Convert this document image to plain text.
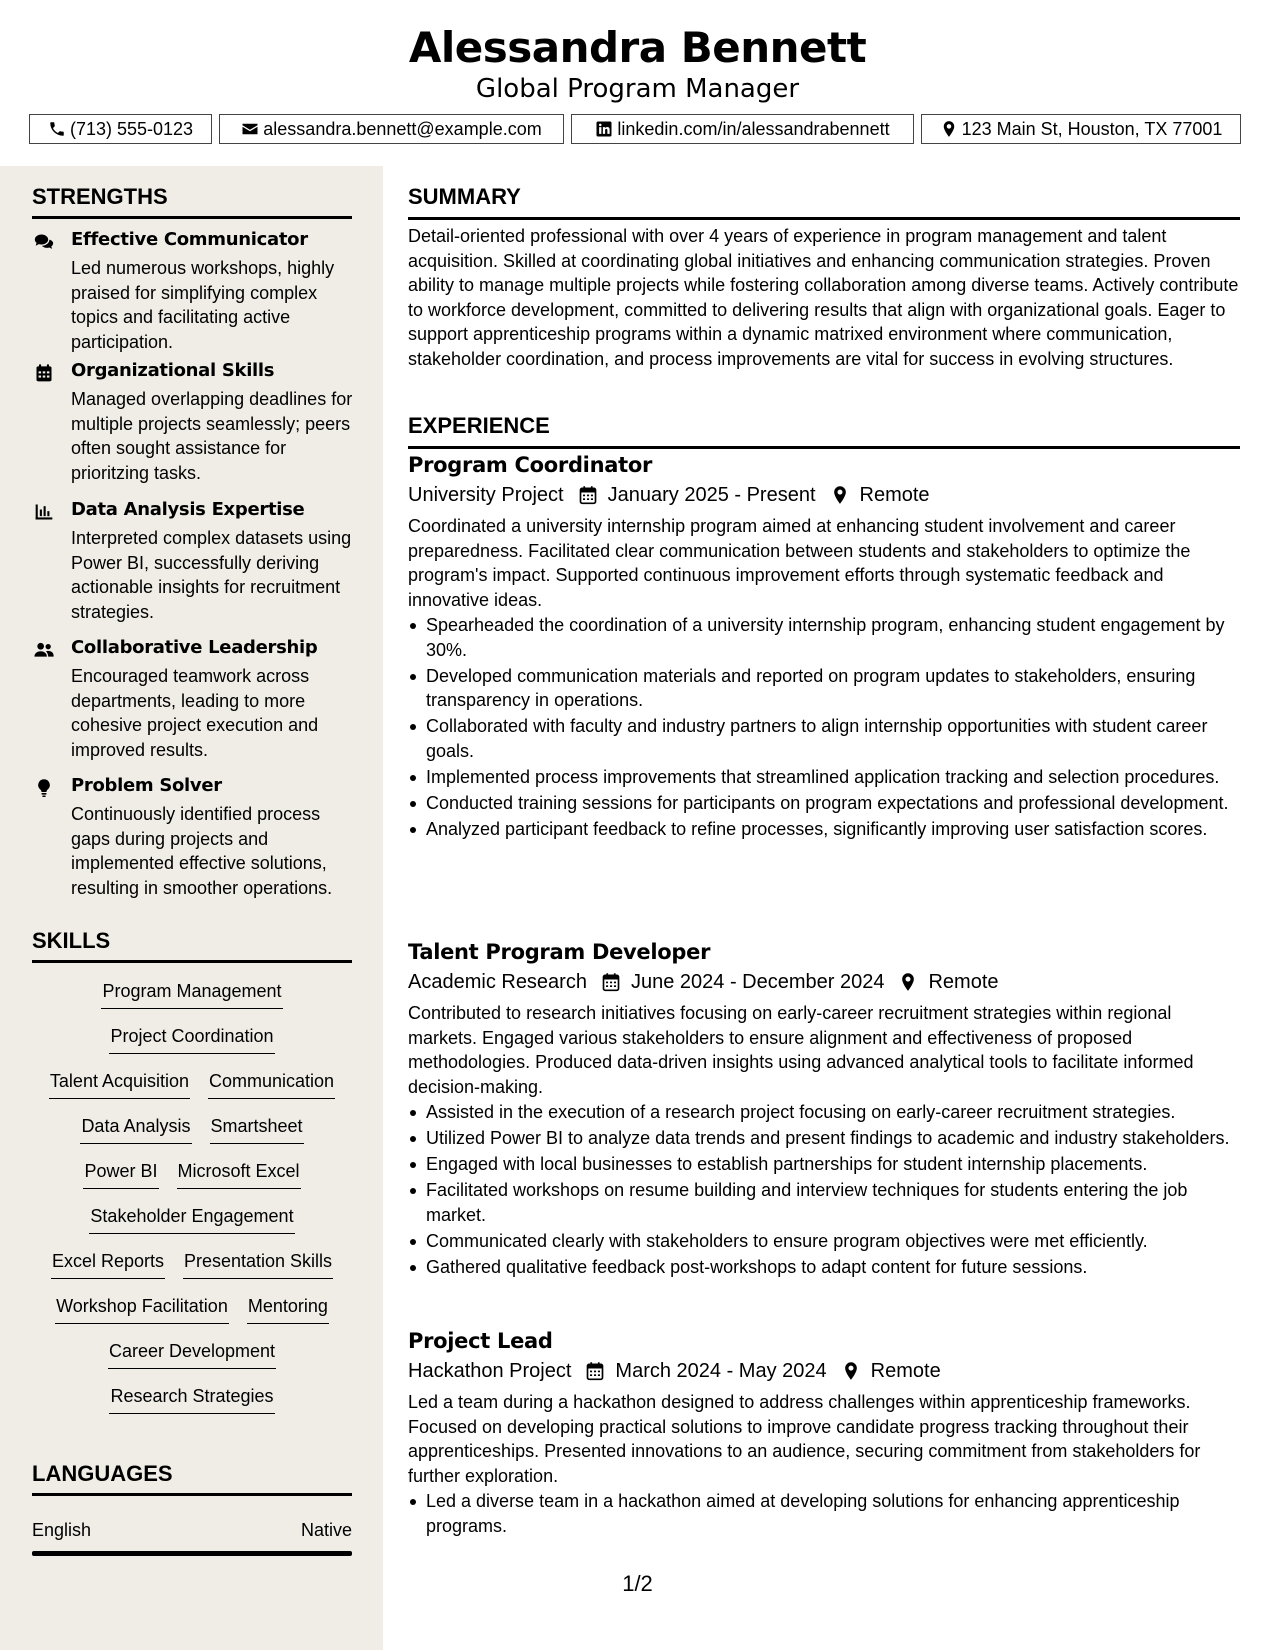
Alessandra Bennett
Global Program Manager
(713) 555-0123	alessandra.bennett@example.com	linkedin.com/in/alessandrabennett	123 Main St, Houston, TX 77001
STRENGTHS
Effective Communicator
Led numerous workshops, highly praised for simplifying complex topics and facilitating active participation.
Organizational Skills
Managed overlapping deadlines for multiple projects seamlessly; peers often sought assistance for prioritzing tasks.
Data Analysis Expertise
Interpreted complex datasets using Power BI, successfully deriving actionable insights for recruitment strategies.
Collaborative Leadership
Encouraged teamwork across departments, leading to more cohesive project execution and improved results.
Problem Solver
Continuously identified process gaps during projects and implemented effective solutions, resulting in smoother operations.
SKILLS
Program Management
Project Coordination
Talent Acquisition Communication
Data Analysis Smartsheet
Power BI Microsoft Excel
Stakeholder Engagement
Excel Reports Presentation Skills
Workshop Facilitation Mentoring
Career Development
Research Strategies
LANGUAGES
English	Native
SUMMARY
Detail-oriented professional with over 4 years of experience in program management and talent acquisition. Skilled at coordinating global initiatives and enhancing communication strategies. Proven ability to manage multiple projects while fostering collaboration among diverse teams. Actively contribute to workforce development, committed to delivering results that align with organizational goals. Eager to support apprenticeship programs within a dynamic matrixed environment where communication, stakeholder coordination, and process improvements are vital for success in evolving structures.
EXPERIENCE
Program Coordinator
University Project January 2025 - Present Remote
Coordinated a university internship program aimed at enhancing student involvement and career preparedness. Facilitated clear communication between students and stakeholders to optimize the program's impact. Supported continuous improvement efforts through systematic feedback and innovative ideas.
Spearheaded the coordination of a university internship program, enhancing student engagement by 30%.
Developed communication materials and reported on program updates to stakeholders, ensuring transparency in operations.
Collaborated with faculty and industry partners to align internship opportunities with student career goals.
Implemented process improvements that streamlined application tracking and selection procedures.
Conducted training sessions for participants on program expectations and professional development.
Analyzed participant feedback to refine processes, significantly improving user satisfaction scores.
Talent Program Developer
Academic Research June 2024 - December 2024 Remote
Contributed to research initiatives focusing on early-career recruitment strategies within regional markets. Engaged various stakeholders to ensure alignment and effectiveness of proposed methodologies. Produced data-driven insights using advanced analytical tools to facilitate informed decision-making.
Assisted in the execution of a research project focusing on early-career recruitment strategies.
Utilized Power BI to analyze data trends and present findings to academic and industry stakeholders.
Engaged with local businesses to establish partnerships for student internship placements.
Facilitated workshops on resume building and interview techniques for students entering the job market.
Communicated clearly with stakeholders to ensure program objectives were met efficiently.
Gathered qualitative feedback post-workshops to adapt content for future sessions.
Project Lead
Hackathon Project March 2024 - May 2024 Remote
Led a team during a hackathon designed to address challenges within apprenticeship frameworks. Focused on developing practical solutions to improve candidate progress tracking throughout their apprenticeships. Presented innovations to an audience, securing commitment from stakeholders for further exploration.
Led a diverse team in a hackathon aimed at developing solutions for enhancing apprenticeship programs.
1/2
